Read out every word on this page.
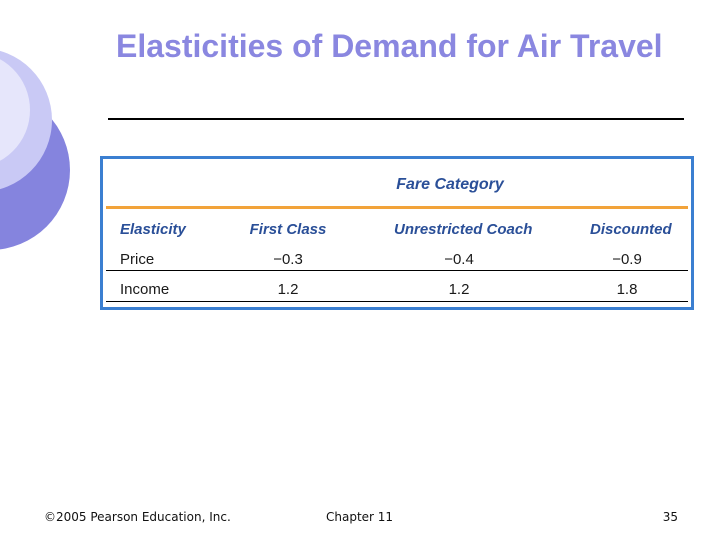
Elasticities of Demand for Air Travel
Fare Category
Elasticity	First Class	Unrestricted Coach	Discounted
Price	−0.3	−0.4	−0.9
Income	1.2	1.2	1.8
©2005 Pearson Education, Inc.	Chapter 11	35
